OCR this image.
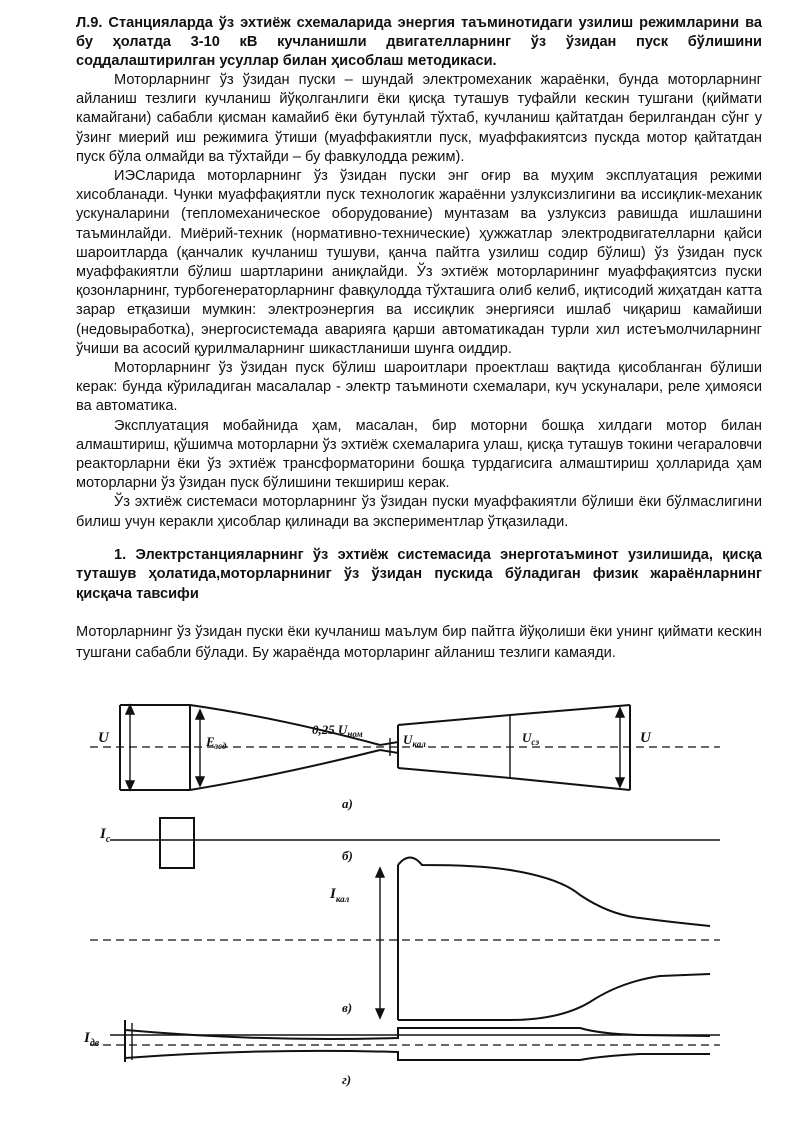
Л.9. Станцияларда ўз эхтиёж схемаларида энергия таъминотидаги узилиш режимларини ва бу ҳолатда 3-10 кВ кучланишли двигателларнинг ўз ўзидан пуск бўлишини соддалаштирилган усуллар билан ҳисоблаш методикаси.

Моторларнинг ўз ўзидан пуски – шундай электромеханик жараёнки, бунда моторларнинг айланиш тезлиги кучланиш йўқолганлиги ёки қисқа туташув туфайли кескин тушгани (қиймати камайгани) сабабли қисман камайиб ёки бутунлай тўхтаб, кучланиш қайтатдан берилгандан сўнг у ўзинг миерий иш режимига ўтиши (муаффакиятли пуск, муаффакиятсиз пускда мотор қайтатдан пуск бўла олмайди ва тўхтайди – бу фавкулодда режим).

ИЭСларида моторларнинг ўз ўзидан пуски энг оғир ва муҳим эксплуатация режими хисобланади. Чунки муаффақиятли пуск технологик жараённи узлуксизлигини ва иссиқлик-механик ускуналарини (тепломеханическое оборудование) мунтазам ва узлуксиз равишда ишлашини таъминлайди. Миёрий-техник (нормативно-технические) ҳужжатлар электродвигателларни қайси шароитларда (қанчалик кучланиш тушуви, қанча пайтга узилиш содир бўлиш) ўз ўзидан пуск муаффакиятли бўлиш шартларини аниқлайди. Ўз эхтиёж моторларининг муаффақиятсиз пуски қозонларнинг, турбогенераторларнинг фавқулодда тўхташига олиб келиб, иқтисодий жиҳатдан катта зарар етқазиши мумкин: электроэнергия ва иссиқлик энергияси ишлаб чиқариш камайиши (недовыработка), энергосистемада аварияга қарши автоматикадан турли хил истеъмолчиларнинг ўчиши ва асосий қурилмаларнинг шикастланиши шунга оиддир.

Моторларнинг ўз ўзидан пуск бўлиш шароитлари проектлаш вақтида қисобланган бўлиши керак: бунда кўриладиган масалалар - электр таъминоти схемалари, куч ускуналари, реле ҳимояси ва автоматика.

Эксплуатация мобайнида ҳам, масалан, бир моторни бошқа хилдаги мотор билан алмаштириш, қўшимча моторларни ўз эхтиёж схемаларига улаш, қисқа туташув токини чегараловчи реакторларни ёки ўз эхтиёж трансформаторини бошқа турдагисига алмаштириш ҳолларида ҳам моторларни ўз ўзидан пуск бўлишини текшириш керак.

Ўз эхтиёж системаси моторларнинг ўз ўзидан пуски муаффакиятли бўлиши ёки бўлмаслигини билиш учун керакли ҳисоблар қилинади ва экспериментлар ўтқазилади.

1. Электрстанцияларнинг ўз эхтиёж системасида энерготаъминот узилишида, қисқа туташув ҳолатида,моторларниниг ўз ўзидан пускида бўладиган физик жараёнларнинг қисқача тавсифи

Моторларнинг ўз ўзидан пуски ёки кучланиш маълум бир пайтга йўқолиши ёки унинг қиймати кескин тушгани сабабли бўлади. Бу жараёнда моторларинг айланиш тезлиги камаяди.

U	$E_{зсд}$
0,25 $U_{ном}$	$U_{кал}$	$U_{сэ}$	U
а)
$I_с$
б)
$I_{кал}$
в)
$I_{дв}$
г)
